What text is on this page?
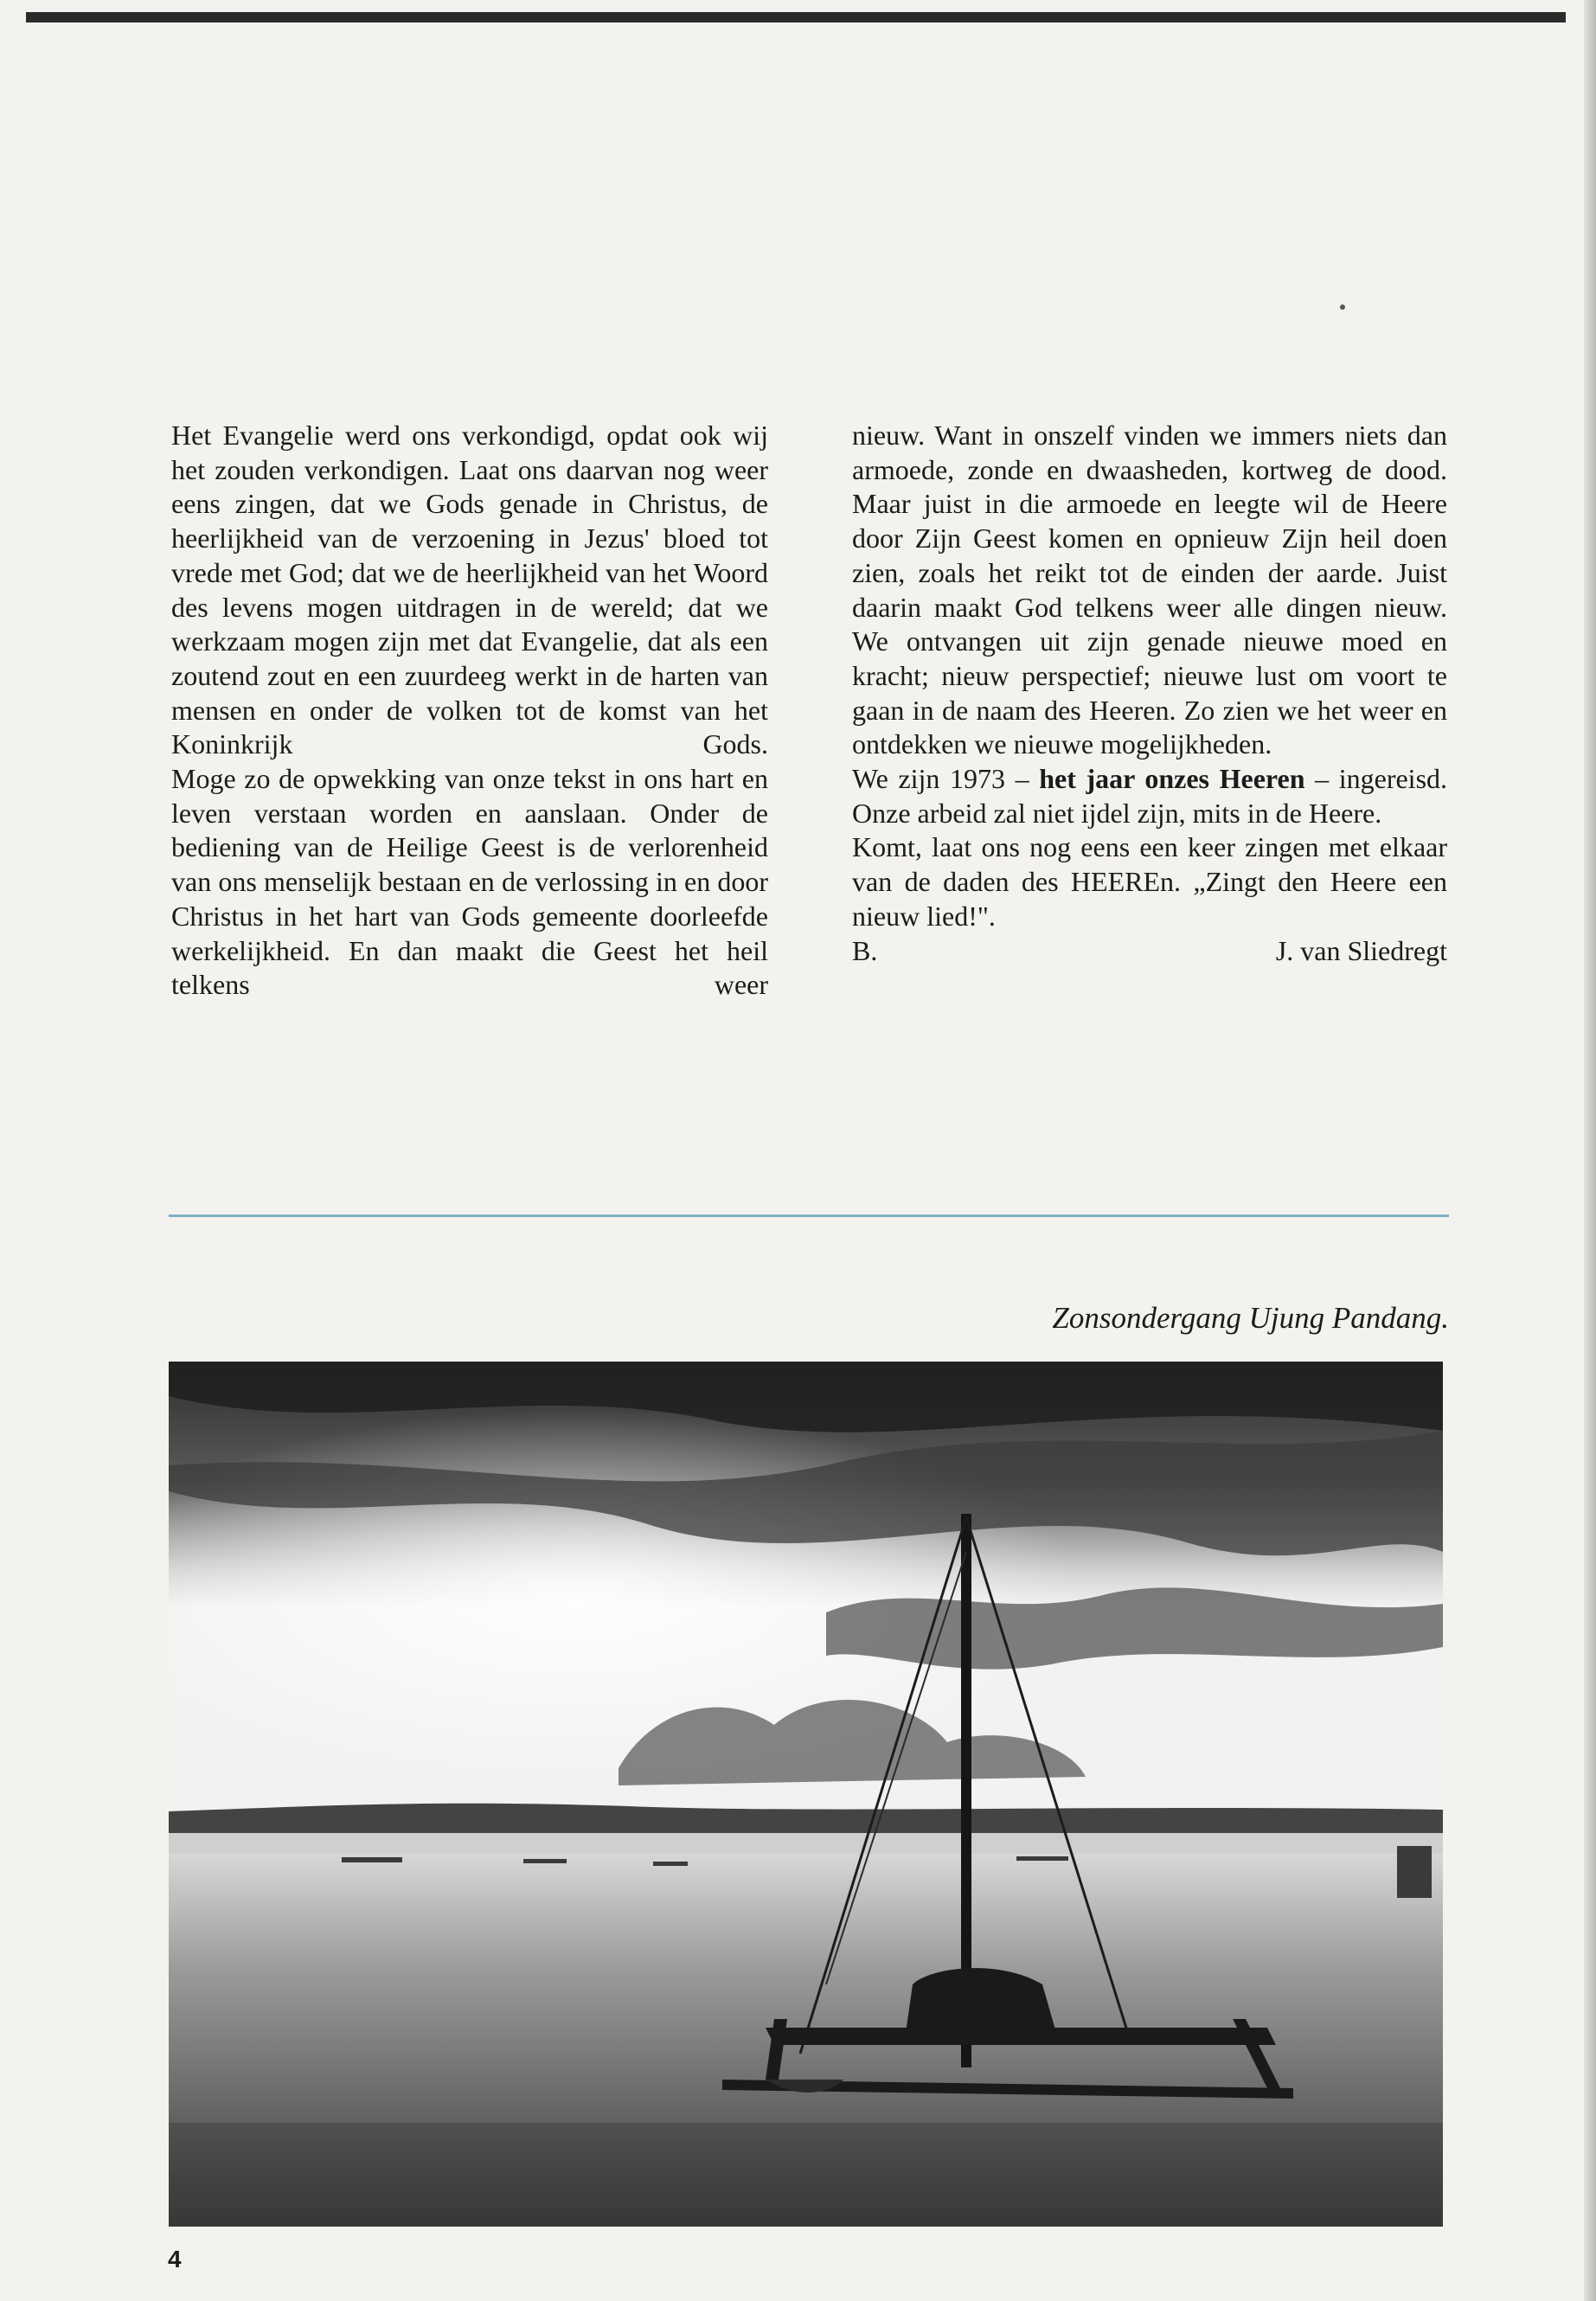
Het Evangelie werd ons verkondigd, opdat ook wij het zouden verkondigen. Laat ons daarvan nog weer eens zingen, dat we Gods genade in Christus, de heerlijkheid van de verzoening in Jezus' bloed tot vrede met God; dat we de heerlijkheid van het Woord des levens mogen uitdragen in de wereld; dat we werkzaam mogen zijn met dat Evangelie, dat als een zoutend zout en een zuurdeeg werkt in de harten van mensen en onder de volken tot de komst van het Koninkrijk Gods.

Moge zo de opwekking van onze tekst in ons hart en leven verstaan worden en aanslaan. Onder de bediening van de Heilige Geest is de verlorenheid van ons menselijk bestaan en de verlossing in en door Christus in het hart van Gods gemeente doorleefde werkelijkheid. En dan maakt die Geest het heil telkens weer

nieuw. Want in onszelf vinden we immers niets dan armoede, zonde en dwaasheden, kortweg de dood. Maar juist in die armoede en leegte wil de Heere door Zijn Geest komen en opnieuw Zijn heil doen zien, zoals het reikt tot de einden der aarde. Juist daarin maakt God telkens weer alle dingen nieuw. We ontvangen uit zijn genade nieuwe moed en kracht; nieuw perspectief; nieuwe lust om voort te gaan in de naam des Heeren. Zo zien we het weer en ontdekken we nieuwe mogelijkheden.

We zijn 1973 – het jaar onzes Heeren – ingereisd. Onze arbeid zal niet ijdel zijn, mits in de Heere.

Komt, laat ons nog eens een keer zingen met elkaar van de daden des HEEREn. „Zingt den Heere een nieuw lied!".

B.	J. van Sliedregt
Zonsondergang Ujung Pandang.
4
